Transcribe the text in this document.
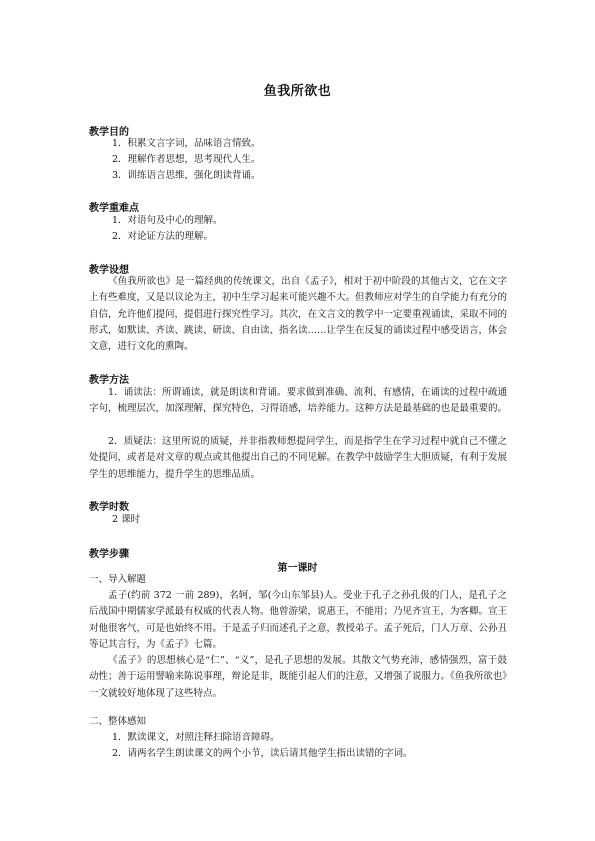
鱼我所欲也
教学目的
1．积累文言字词，品味语言情致。
2．理解作者思想，思考现代人生。
3．训练语言思维，强化朗读背诵。
教学重难点
1．对语句及中心的理解。
2．对论证方法的理解。
教学设想
《鱼我所欲也》是一篇经典的传统课文，出自《孟子》，相对于初中阶段的其他古文，它在文字上有些难度，又是以议论为主，初中生学习起来可能兴趣不大。但教师应对学生的自学能力有充分的自信，允许他们提问，提倡进行探究性学习。其次，在文言文的教学中一定要重视诵读，采取不同的形式，如默读、齐读、跳读、研读、自由读、指名读……让学生在反复的诵读过程中感受语言，体会文意，进行文化的熏陶。
教学方法
1．诵读法：所谓诵读，就是朗读和背诵。要求做到准确、流利、有感情，在诵读的过程中疏通字句，梳理层次，加深理解，探究特色，习得语感，培养能力。这种方法是最基础的也是最重要的。
2．质疑法：这里所说的质疑，并非指教师想提问学生，而是指学生在学习过程中就自己不懂之处提问，或者是对文章的观点或其他提出自己的不同见解。在教学中鼓励学生大胆质疑，有利于发展学生的思维能力，提升学生的思维品质。
教学时数
2 课时
教学步骤
第一课时
一、导入解题
孟子(约前 372 一前 289)，名轲，邹(今山东邹县)人。受业于孔子之孙孔伋的门人，是孔子之后战国中期儒家学派最有权威的代表人物。他曾游梁，说惠王，不能用；乃见齐宣王，为客卿。宣王对他很客气，可是也始终不用。于是孟子归而述孔子之意，教授弟子。孟子死后，门人万章、公孙丑等记其言行，为《孟子》七篇。
《孟子》的思想核心是“仁”、“义”，是孔子思想的发展。其散文气势充沛，感情强烈，富于鼓动性；善于运用譬喻来陈说事理，辩论是非，既能引起人们的注意，又增强了说服力。《鱼我所欲也》一文就较好地体现了这些特点。
二、整体感知
1．默读课文，对照注释扫除语音障碍。
2．请两名学生朗读课文的两个小节，读后请其他学生指出读错的字词。
